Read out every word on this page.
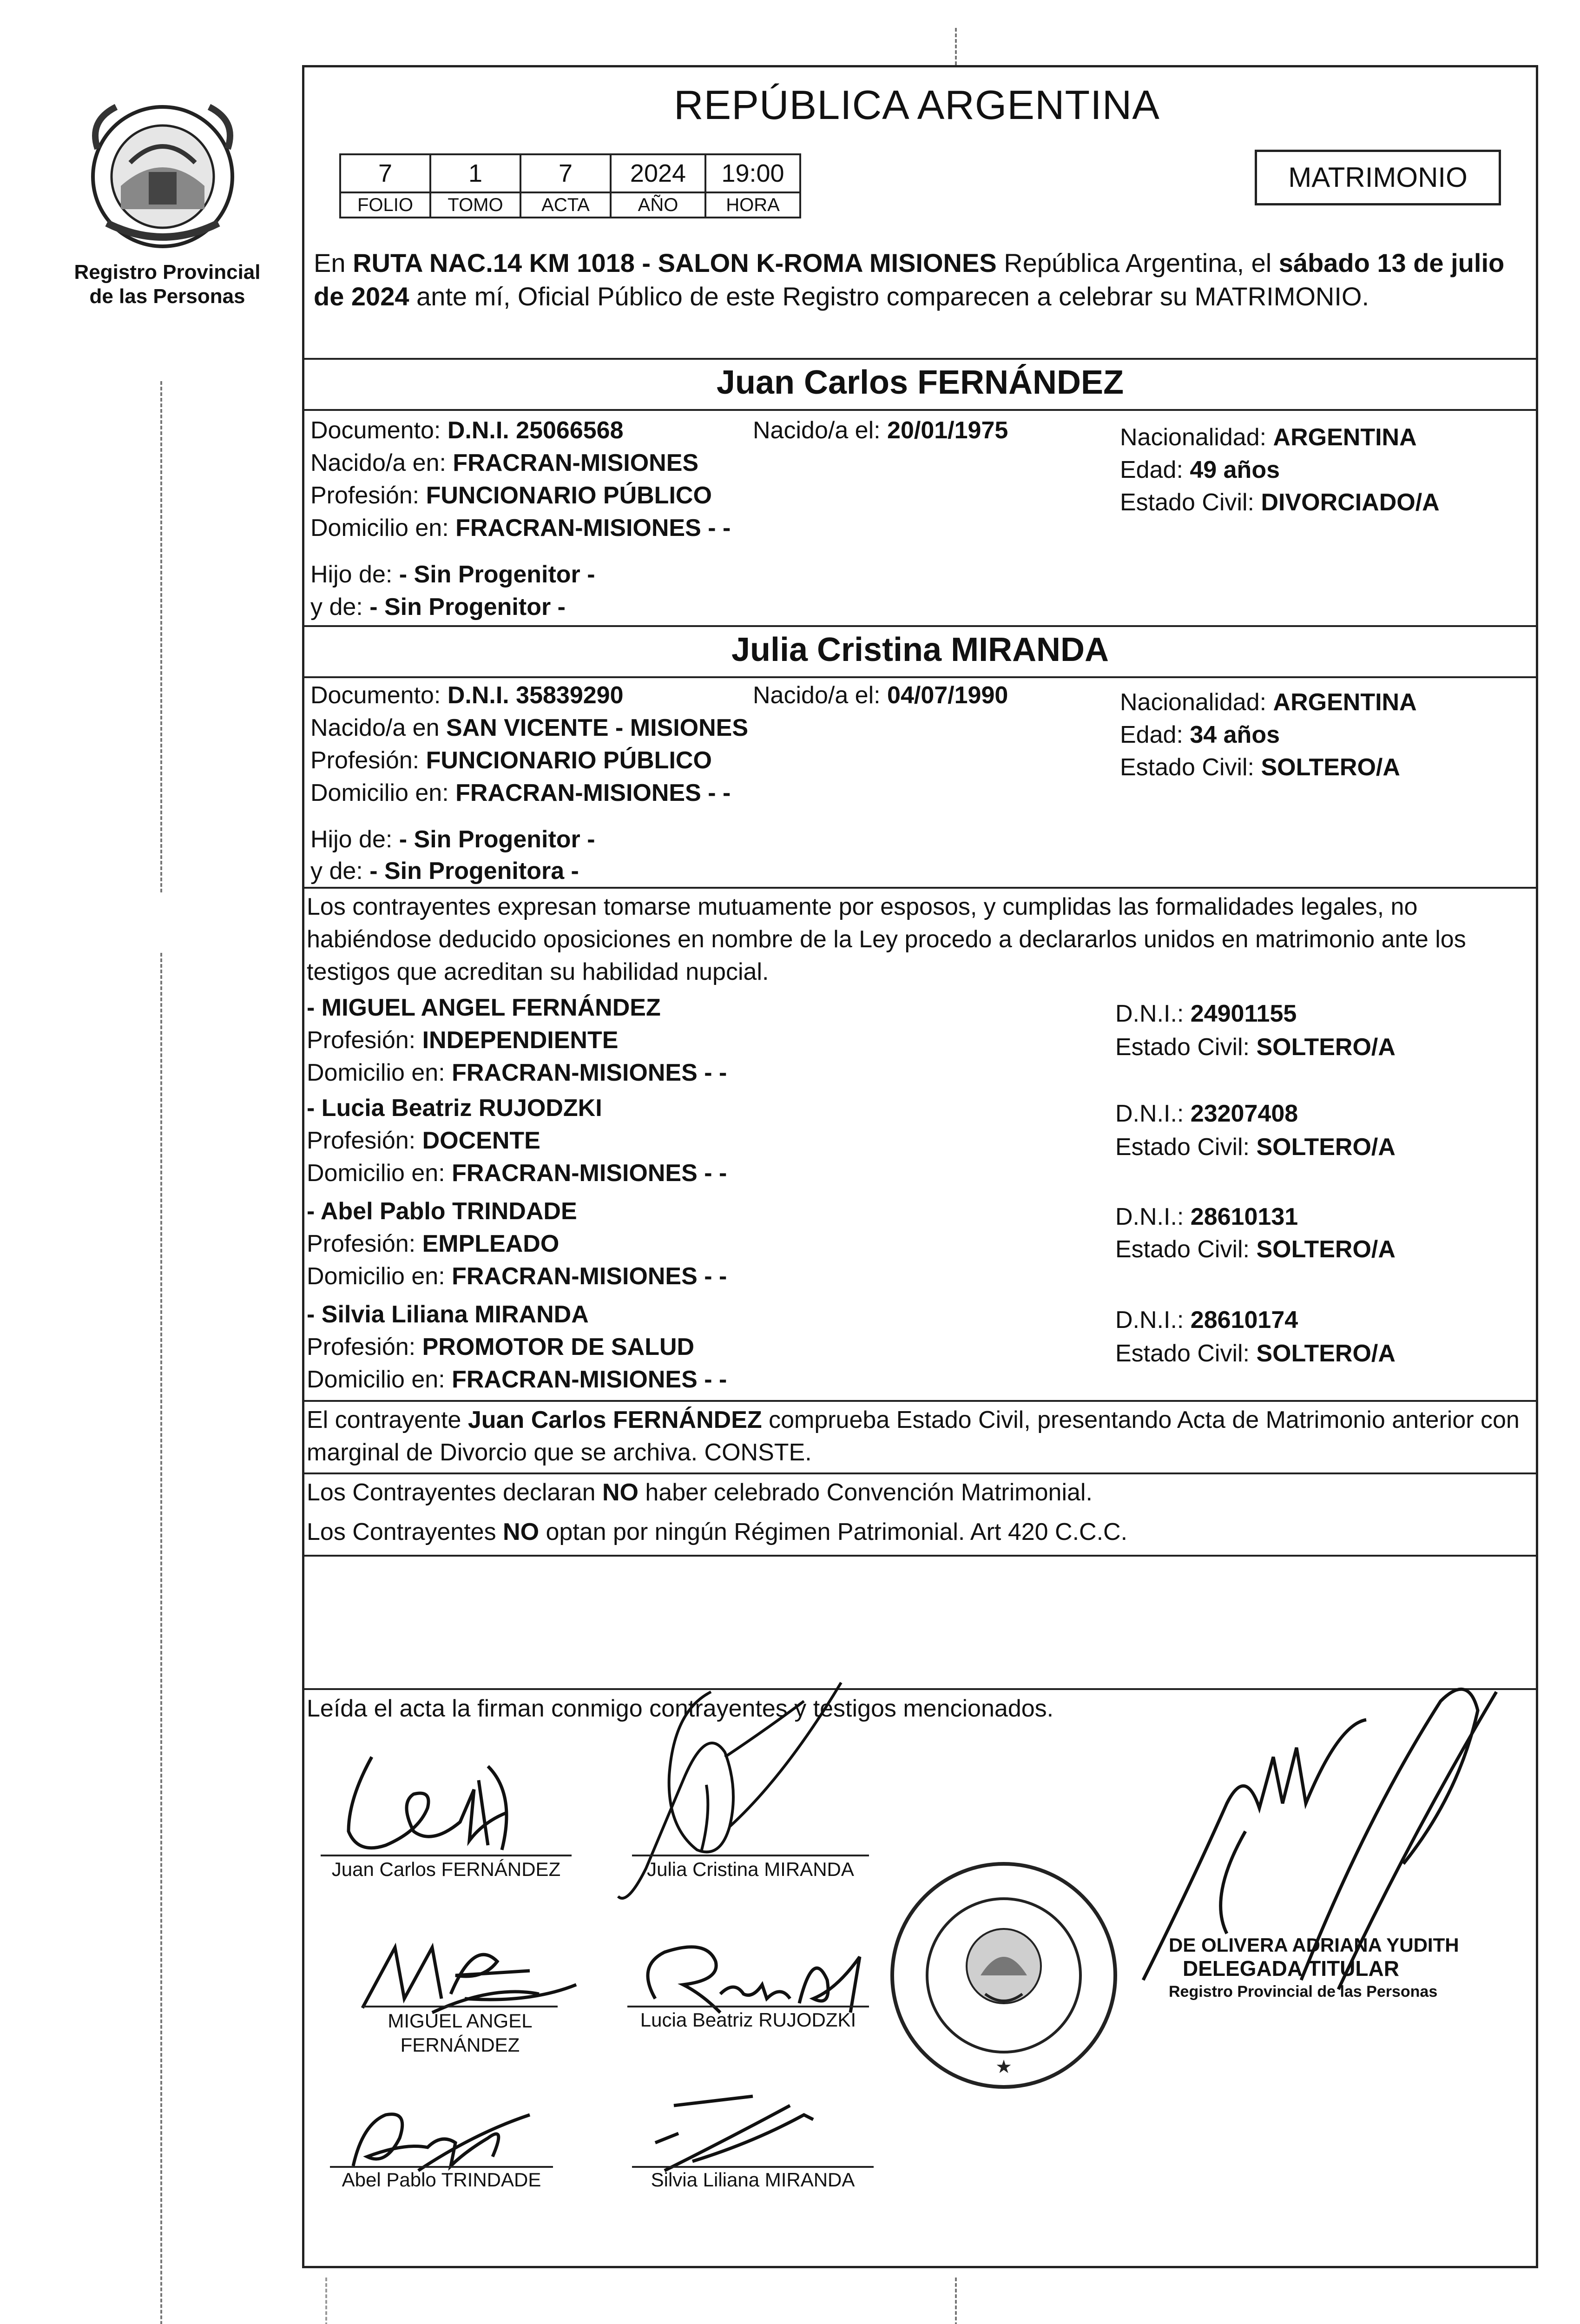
Registro Provincial
de las Personas
REPÚBLICA ARGENTINA
7	1	7	2024	19:00
FOLIO	TOMO	ACTA	AÑO	HORA
MATRIMONIO
En RUTA NAC.14 KM 1018 - SALON K-ROMA MISIONES República Argentina, el sábado 13 de julio de 2024 ante mí, Oficial Público de este Registro comparecen a celebrar su MATRIMONIO.
Juan Carlos FERNÁNDEZ
Documento: D.N.I. 25066568	Nacido/a el: 20/01/1975	Nacionalidad: ARGENTINA
Nacido/a en: FRACRAN-MISIONES	Edad: 49 años
Profesión: FUNCIONARIO PÚBLICO	Estado Civil: DIVORCIADO/A
Domicilio en: FRACRAN-MISIONES - -
Hijo de: - Sin Progenitor -
y de: - Sin Progenitor -
Julia Cristina MIRANDA
Documento: D.N.I. 35839290	Nacido/a el: 04/07/1990	Nacionalidad: ARGENTINA
Nacido/a en SAN VICENTE - MISIONES	Edad: 34 años
Profesión: FUNCIONARIO PÚBLICO	Estado Civil: SOLTERO/A
Domicilio en: FRACRAN-MISIONES - -
Hijo de: - Sin Progenitor -
y de: - Sin Progenitora -
Los contrayentes expresan tomarse mutuamente por esposos, y cumplidas las formalidades legales, no habiéndose deducido oposiciones en nombre de la Ley procedo a declararlos unidos en matrimonio ante los testigos que acreditan su habilidad nupcial.
- MIGUEL ANGEL FERNÁNDEZ	D.N.I.: 24901155
Profesión: INDEPENDIENTE	Estado Civil: SOLTERO/A
Domicilio en: FRACRAN-MISIONES - -
- Lucia Beatriz RUJODZKI	D.N.I.: 23207408
Profesión: DOCENTE	Estado Civil: SOLTERO/A
Domicilio en: FRACRAN-MISIONES - -
- Abel Pablo TRINDADE	D.N.I.: 28610131
Profesión: EMPLEADO	Estado Civil: SOLTERO/A
Domicilio en: FRACRAN-MISIONES - -
- Silvia Liliana MIRANDA	D.N.I.: 28610174
Profesión: PROMOTOR DE SALUD	Estado Civil: SOLTERO/A
Domicilio en: FRACRAN-MISIONES - -
El contrayente Juan Carlos FERNÁNDEZ comprueba Estado Civil, presentando Acta de Matrimonio anterior con marginal de Divorcio que se archiva. CONSTE.
Los Contrayentes declaran NO haber celebrado Convención Matrimonial.
Los Contrayentes NO optan por ningún Régimen Patrimonial. Art 420 C.C.C.
Leída el acta la firman conmigo contrayentes y testigos mencionados.
Juan Carlos FERNÁNDEZ	Julia Cristina MIRANDA
MIGUEL ANGEL
FERNÁNDEZ
Lucia Beatriz RUJODZKI
Abel Pablo TRINDADE	Silvia Liliana MIRANDA
★
DE OLIVERA ADRIANA YUDITH
DELEGADA TITULAR
Registro Provincial de las Personas
